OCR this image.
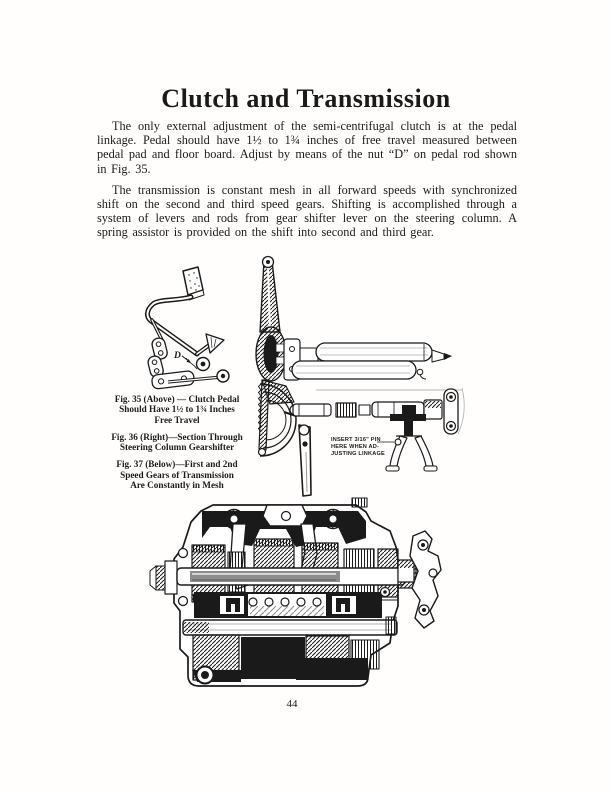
Clutch and Transmission

The only external adjustment of the semi-centrifugal clutch is at the pedal linkage. Pedal should have 1½ to 1¾ inches of free travel measured between pedal pad and floor board. Adjust by means of the nut “D” on pedal rod shown in Fig. 35.

The transmission is constant mesh in all forward speeds with synchronized shift on the second and third speed gears. Shifting is accomplished through a system of levers and rods from gear shifter lever on the steering column. A spring assistor is provided on the shift into second and third gear.

D
INSERT 3/16" PIN
HERE WHEN AD-
JUSTING LINKAGE
Fig. 35 (Above) — Clutch Pedal
Should Have 1½ to 1¾ Inches
Free Travel
Fig. 36 (Right)—Section Through
Steering Column Gearshifter
Fig. 37 (Below)—First and 2nd
Speed Gears of Transmission
Are Constantly in Mesh
44
